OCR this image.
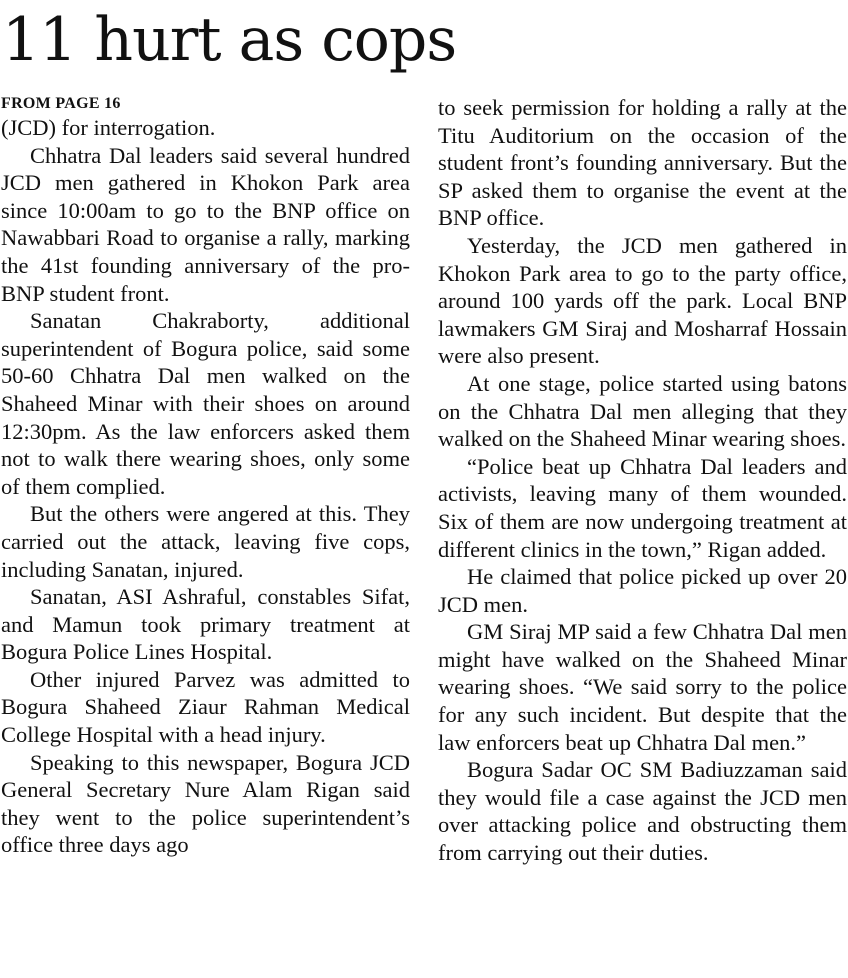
11 hurt as cops
FROM PAGE 16

(JCD) for interrogation.

Chhatra Dal leaders said several hundred JCD men gathered in Khokon Park area since 10:00am to go to the BNP office on Nawabbari Road to organise a rally, marking the 41st founding anniversary of the pro-BNP student front.

Sanatan Chakraborty, additional superintendent of Bogura police, said some 50-60 Chhatra Dal men walked on the Shaheed Minar with their shoes on around 12:30pm. As the law enforcers asked them not to walk there wearing shoes, only some of them complied.

But the others were angered at this. They carried out the attack, leaving five cops, including Sanatan, injured.

Sanatan, ASI Ashraful, constables Sifat, and Mamun took primary treatment at Bogura Police Lines Hospital.

Other injured Parvez was admitted to Bogura Shaheed Ziaur Rahman Medical College Hospital with a head injury.

Speaking to this newspaper, Bogura JCD General Secretary Nure Alam Rigan said they went to the police superintendent’s office three days ago

to seek permission for holding a rally at the Titu Auditorium on the occasion of the student front’s founding anniversary. But the SP asked them to organise the event at the BNP office.

Yesterday, the JCD men gathered in Khokon Park area to go to the party office, around 100 yards off the park. Local BNP lawmakers GM Siraj and Mosharraf Hossain were also present.

At one stage, police started using batons on the Chhatra Dal men alleging that they walked on the Shaheed Minar wearing shoes.

“Police beat up Chhatra Dal leaders and activists, leaving many of them wounded. Six of them are now undergoing treatment at different clinics in the town,” Rigan added.

He claimed that police picked up over 20 JCD men.

GM Siraj MP said a few Chhatra Dal men might have walked on the Shaheed Minar wearing shoes. “We said sorry to the police for any such incident. But despite that the law enforcers beat up Chhatra Dal men.”

Bogura Sadar OC SM Badiuzzaman said they would file a case against the JCD men over attacking police and obstructing them from carrying out their duties.
